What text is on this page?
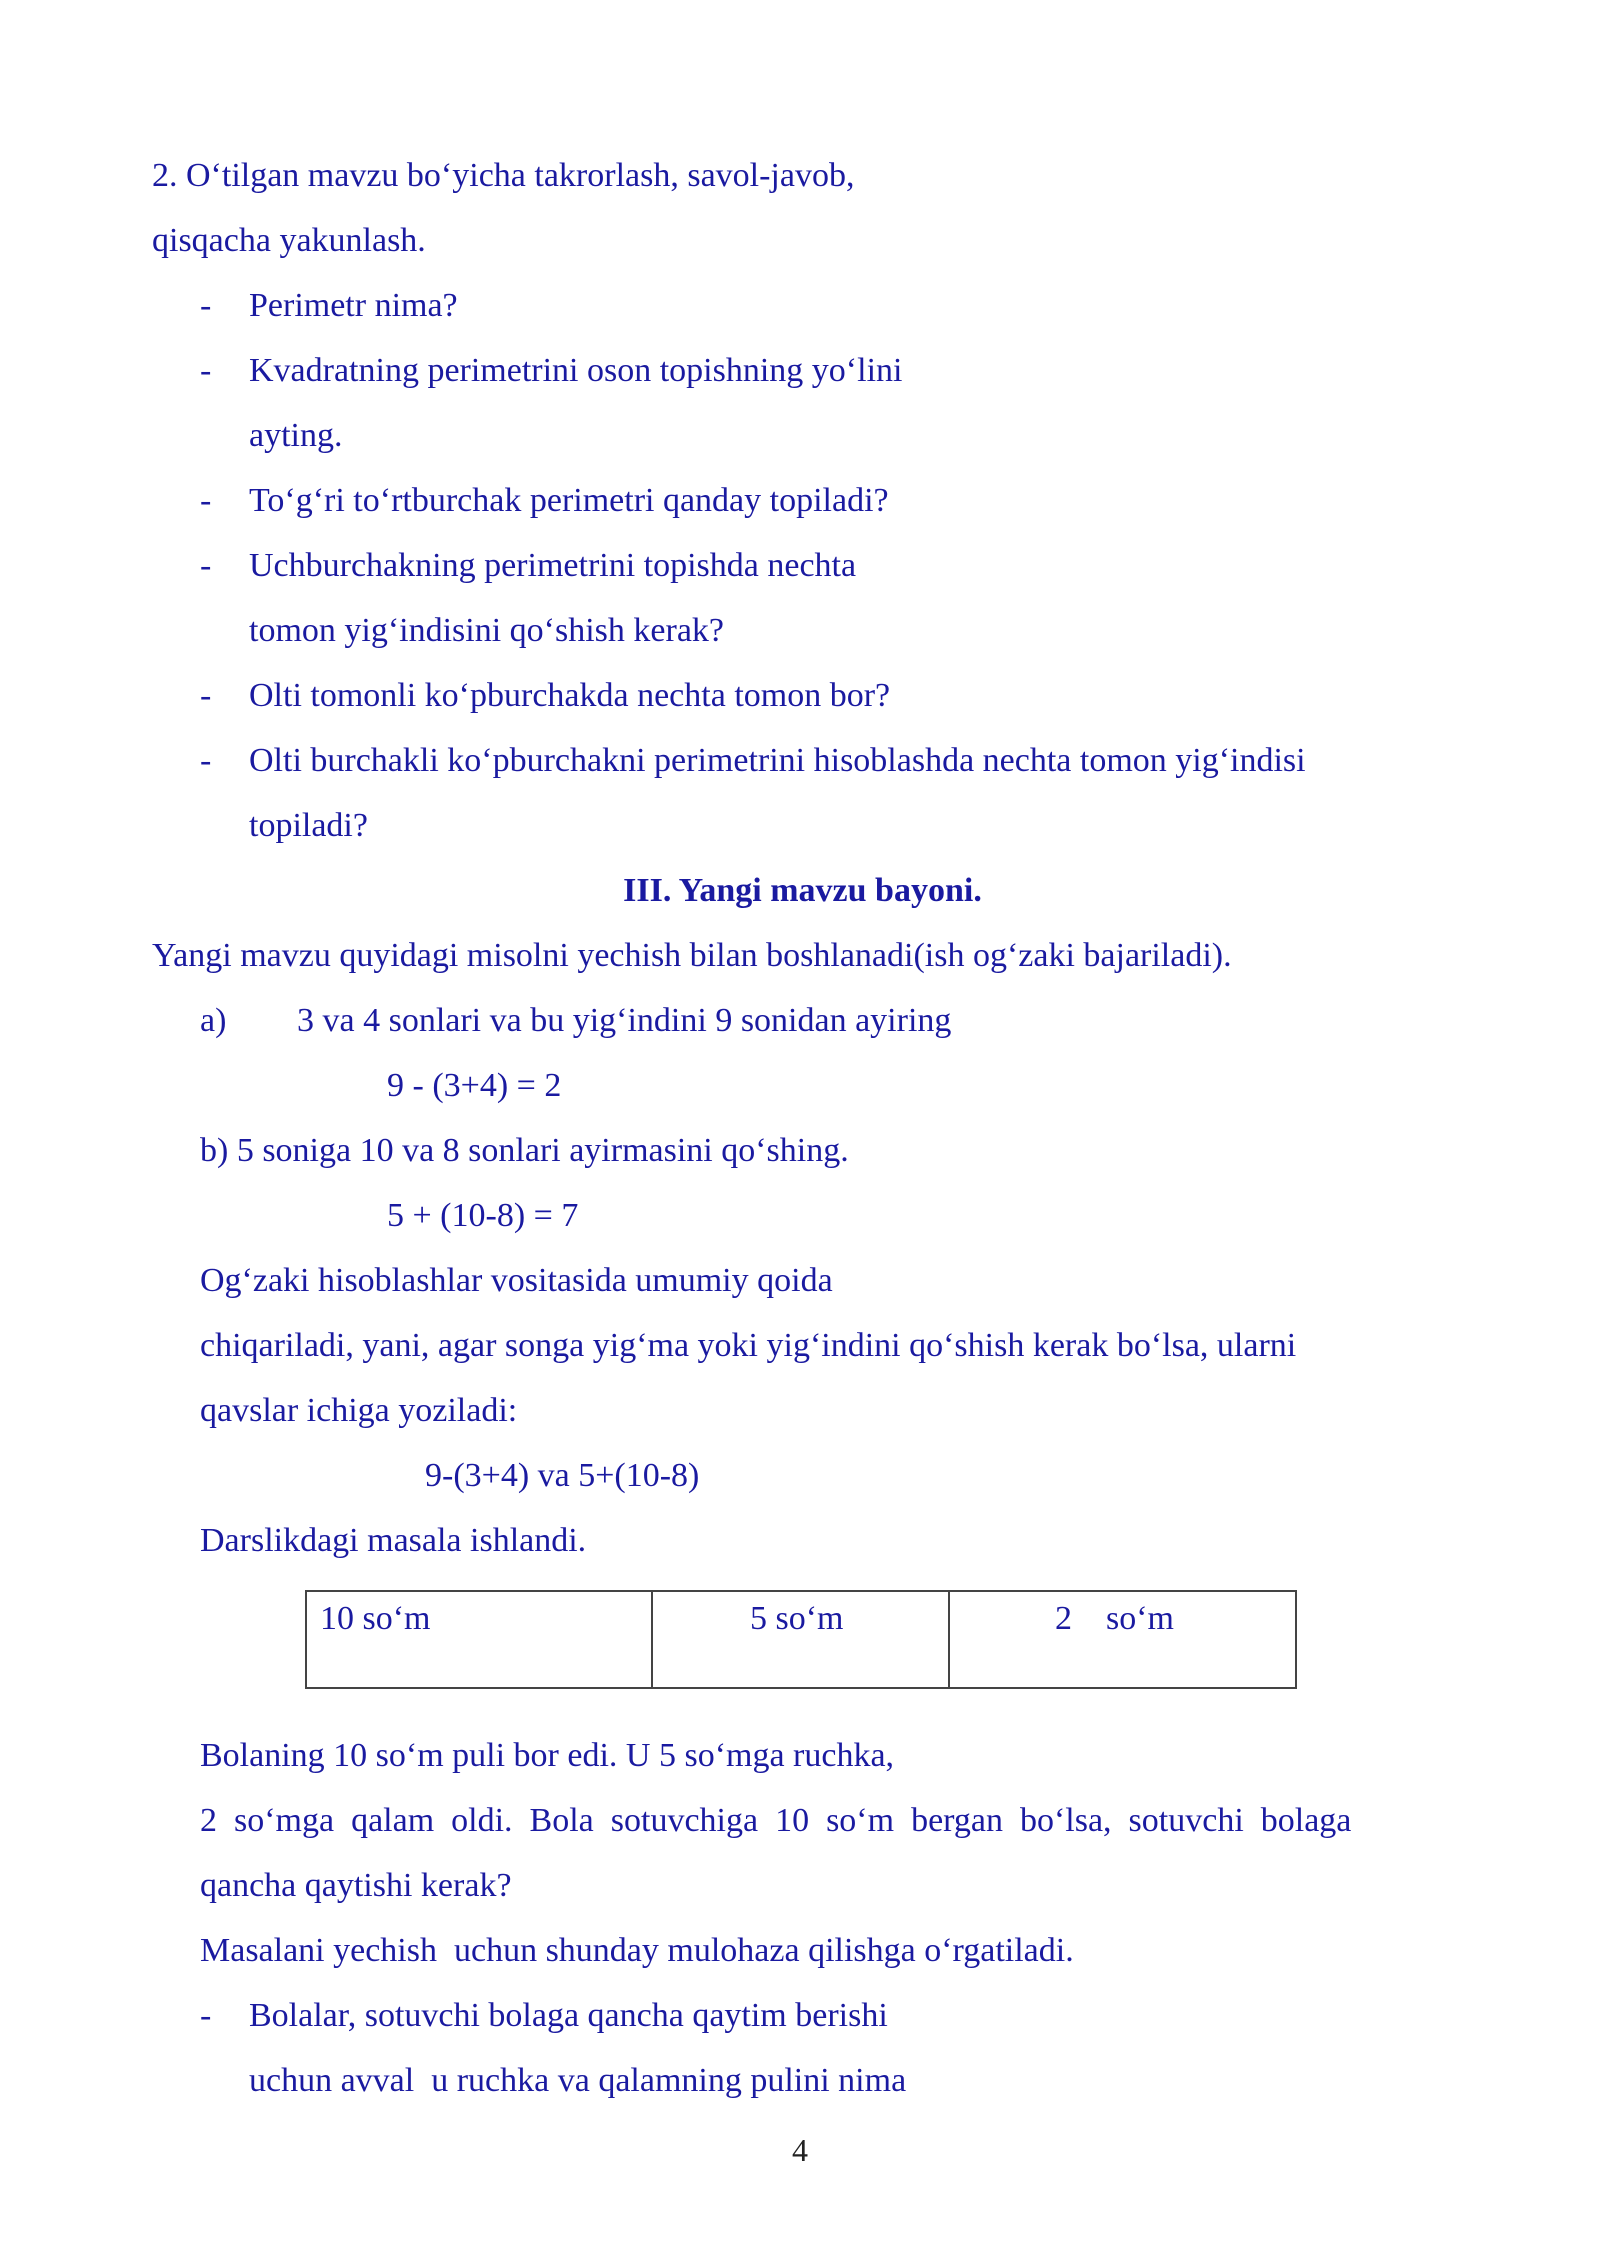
2. O‘tilgan mavzu bo‘yicha takrorlash, savol-javob,
qisqacha yakunlash.
- Perimetr nima?
- Kvadratning perimetrini oson topishning yo‘lini
ayting.
- To‘g‘ri to‘rtburchak perimetri qanday topiladi?
- Uchburchakning perimetrini topishda nechta
tomon yig‘indisini qo‘shish kerak?
- Olti tomonli ko‘pburchakda nechta tomon bor?
- Olti burchakli ko‘pburchakni perimetrini hisoblashda nechta tomon yig‘indisi
topiladi?
III. Yangi mavzu bayoni.
Yangi mavzu quyidagi misolni yechish bilan boshlanadi(ish og‘zaki bajariladi).
a) 3 va 4 sonlari va bu yig‘indini 9 sonidan ayiring
9 - (3+4) = 2
b) 5 soniga 10 va 8 sonlari ayirmasini qo‘shing.
5 + (10-8) = 7
Og‘zaki hisoblashlar vositasida umumiy qoida
chiqariladi, yani, agar songa yig‘ma yoki yig‘indini qo‘shish kerak bo‘lsa, ularni
qavslar ichiga yoziladi:
9-(3+4) va 5+(10-8)
Darslikdagi masala ishlandi.
10 so‘m	5 so‘m	2    so‘m
Bolaning 10 so‘m puli bor edi. U 5 so‘mga ruchka,
2  so‘mga  qalam  oldi.  Bola  sotuvchiga  10  so‘m  bergan  bo‘lsa,  sotuvchi  bolaga
qancha qaytishi kerak?
Masalani yechish  uchun shunday mulohaza qilishga o‘rgatiladi.
- Bolalar, sotuvchi bolaga qancha qaytim berishi
uchun avval  u ruchka va qalamning pulini nima
4
